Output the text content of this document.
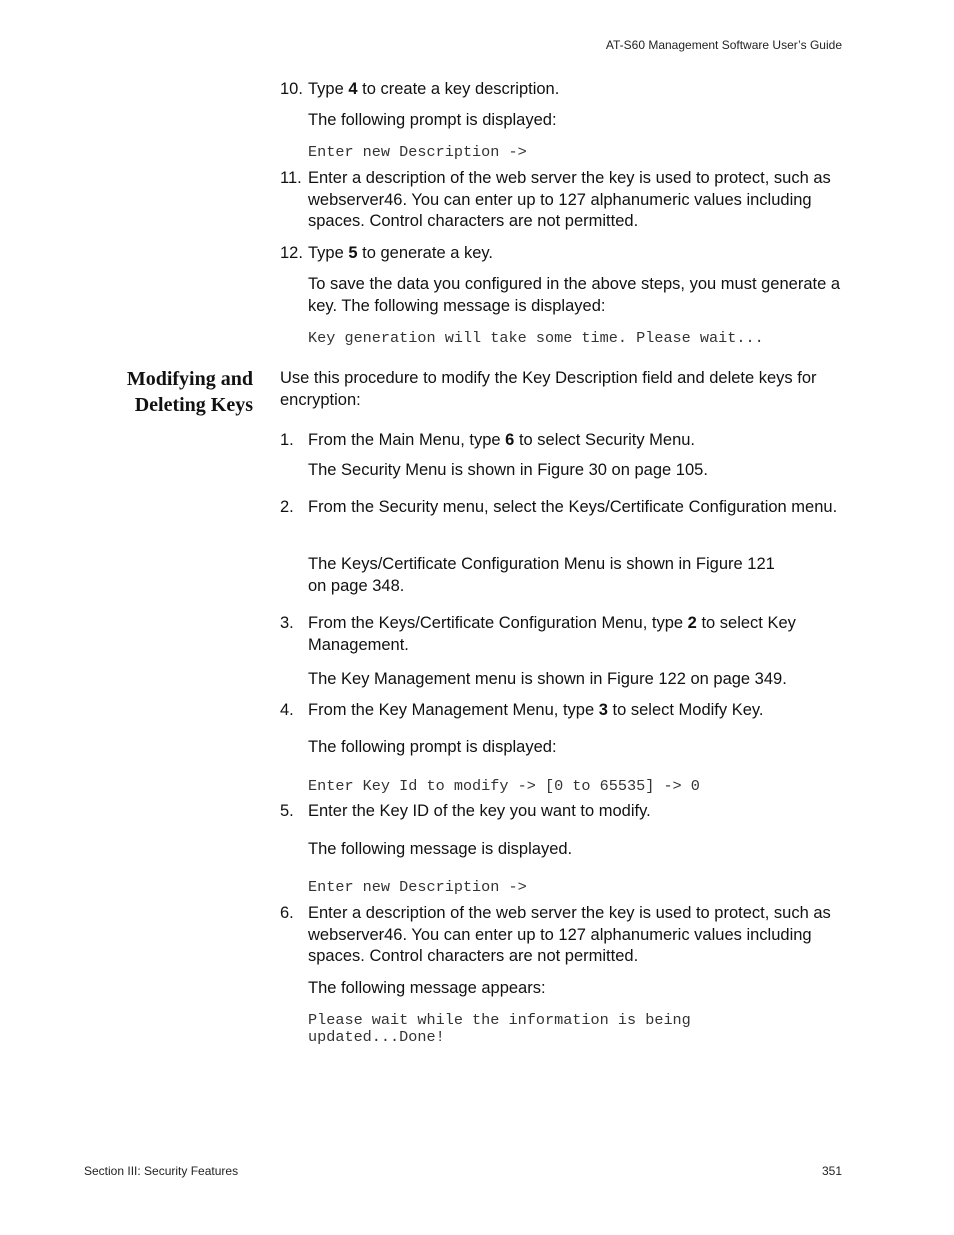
AT-S60 Management Software User’s Guide
10. Type 4 to create a key description.

The following prompt is displayed:

Enter new Description ->
11. Enter a description of the web server the key is used to protect, such as webserver46. You can enter up to 127 alphanumeric values including spaces. Control characters are not permitted.
12. Type 5 to generate a key.

To save the data you configured in the above steps, you must generate a key. The following message is displayed:

Key generation will take some time. Please wait...
Modifying and
Deleting Keys

Use this procedure to modify the Key Description field and delete keys for encryption:

1. From the Main Menu, type 6 to select Security Menu.

The Security Menu is shown in Figure 30 on page 105.

2. From the Security menu, select the Keys/Certificate Configuration menu.

The Keys/Certificate Configuration Menu is shown in Figure 121
on page 348.

3. From the Keys/Certificate Configuration Menu, type 2 to select Key Management.

The Key Management menu is shown in Figure 122 on page 349.

4. From the Key Management Menu, type 3 to select Modify Key.

The following prompt is displayed:

Enter Key Id to modify -> [0 to 65535] -> 0
5. Enter the Key ID of the key you want to modify.

The following message is displayed.

Enter new Description ->
6. Enter a description of the web server the key is used to protect, such as webserver46. You can enter up to 127 alphanumeric values including spaces. Control characters are not permitted.

The following message appears:

Please wait while the information is being
updated...Done!
Section III: Security Features	351
